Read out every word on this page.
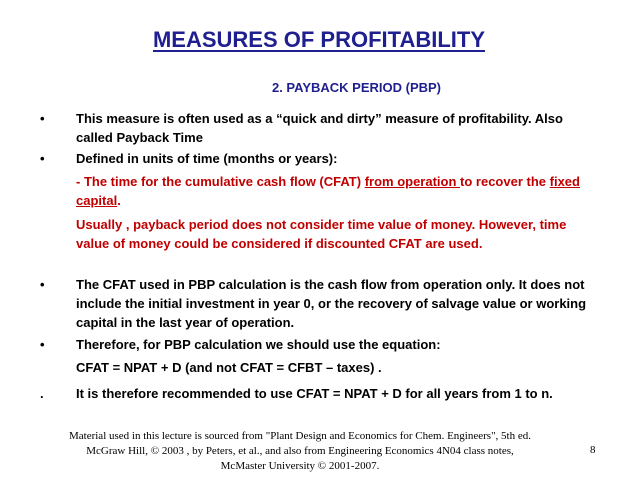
MEASURES OF PROFITABILITY
2. PAYBACK PERIOD (PBP)
• This measure is often used as a “quick and dirty” measure of profitability. Also called Payback Time
• Defined in units of time (months or years):
- The time for the cumulative cash flow (CFAT) from operation to recover the fixed capital.
Usually , payback period does not consider time value of money. However, time value of money could be considered if discounted CFAT are used.
• The CFAT used in PBP calculation is the cash flow from operation only. It does not include the initial investment in year 0, or the recovery of salvage value or working capital in the last year of operation.
• Therefore, for PBP calculation we should use the equation:
CFAT = NPAT + D (and not CFAT = CFBT – taxes) .
. It is therefore recommended to use CFAT = NPAT + D for all years from 1 to n.
Material used in this lecture is sourced from "Plant Design and Economics for Chem. Engineers", 5th ed.
McGraw Hill, © 2003 , by Peters, et al., and also from Engineering Economics 4N04 class notes,
McMaster University © 2001-2007.
8
